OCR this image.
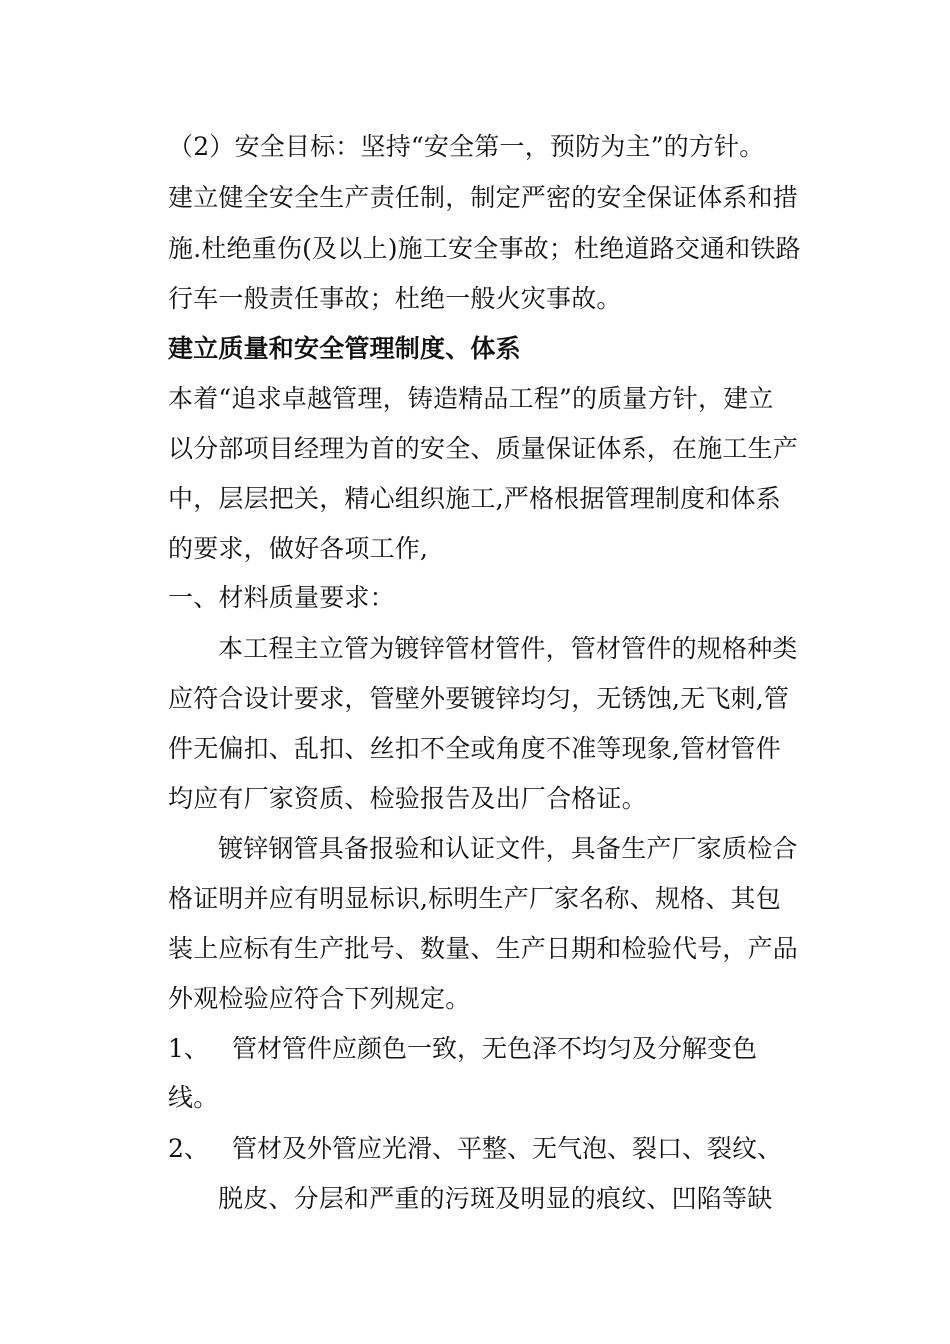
（2）安全目标：坚持“安全第一，预防为主”的方针。
建立健全安全生产责任制，制定严密的安全保证体系和措
施.杜绝重伤(及以上)施工安全事故；杜绝道路交通和铁路
行车一般责任事故；杜绝一般火灾事故。
建立质量和安全管理制度、体系
本着“追求卓越管理，铸造精品工程”的质量方针，建立
以分部项目经理为首的安全、质量保证体系，在施工生产
中，层层把关，精心组织施工,严格根据管理制度和体系
的要求，做好各项工作,
一、材料质量要求：
本工程主立管为镀锌管材管件，管材管件的规格种类
应符合设计要求，管壁外要镀锌均匀，无锈蚀,无飞刺,管
件无偏扣、乱扣、丝扣不全或角度不准等现象,管材管件
均应有厂家资质、检验报告及出厂合格证。
镀锌钢管具备报验和认证文件，具备生产厂家质检合
格证明并应有明显标识,标明生产厂家名称、规格、其包
装上应标有生产批号、数量、生产日期和检验代号，产品
外观检验应符合下列规定。
1、 管材管件应颜色一致，无色泽不均匀及分解变色
线。
2、 管材及外管应光滑、平整、无气泡、裂口、裂纹、
脱皮、分层和严重的污斑及明显的痕纹、凹陷等缺
